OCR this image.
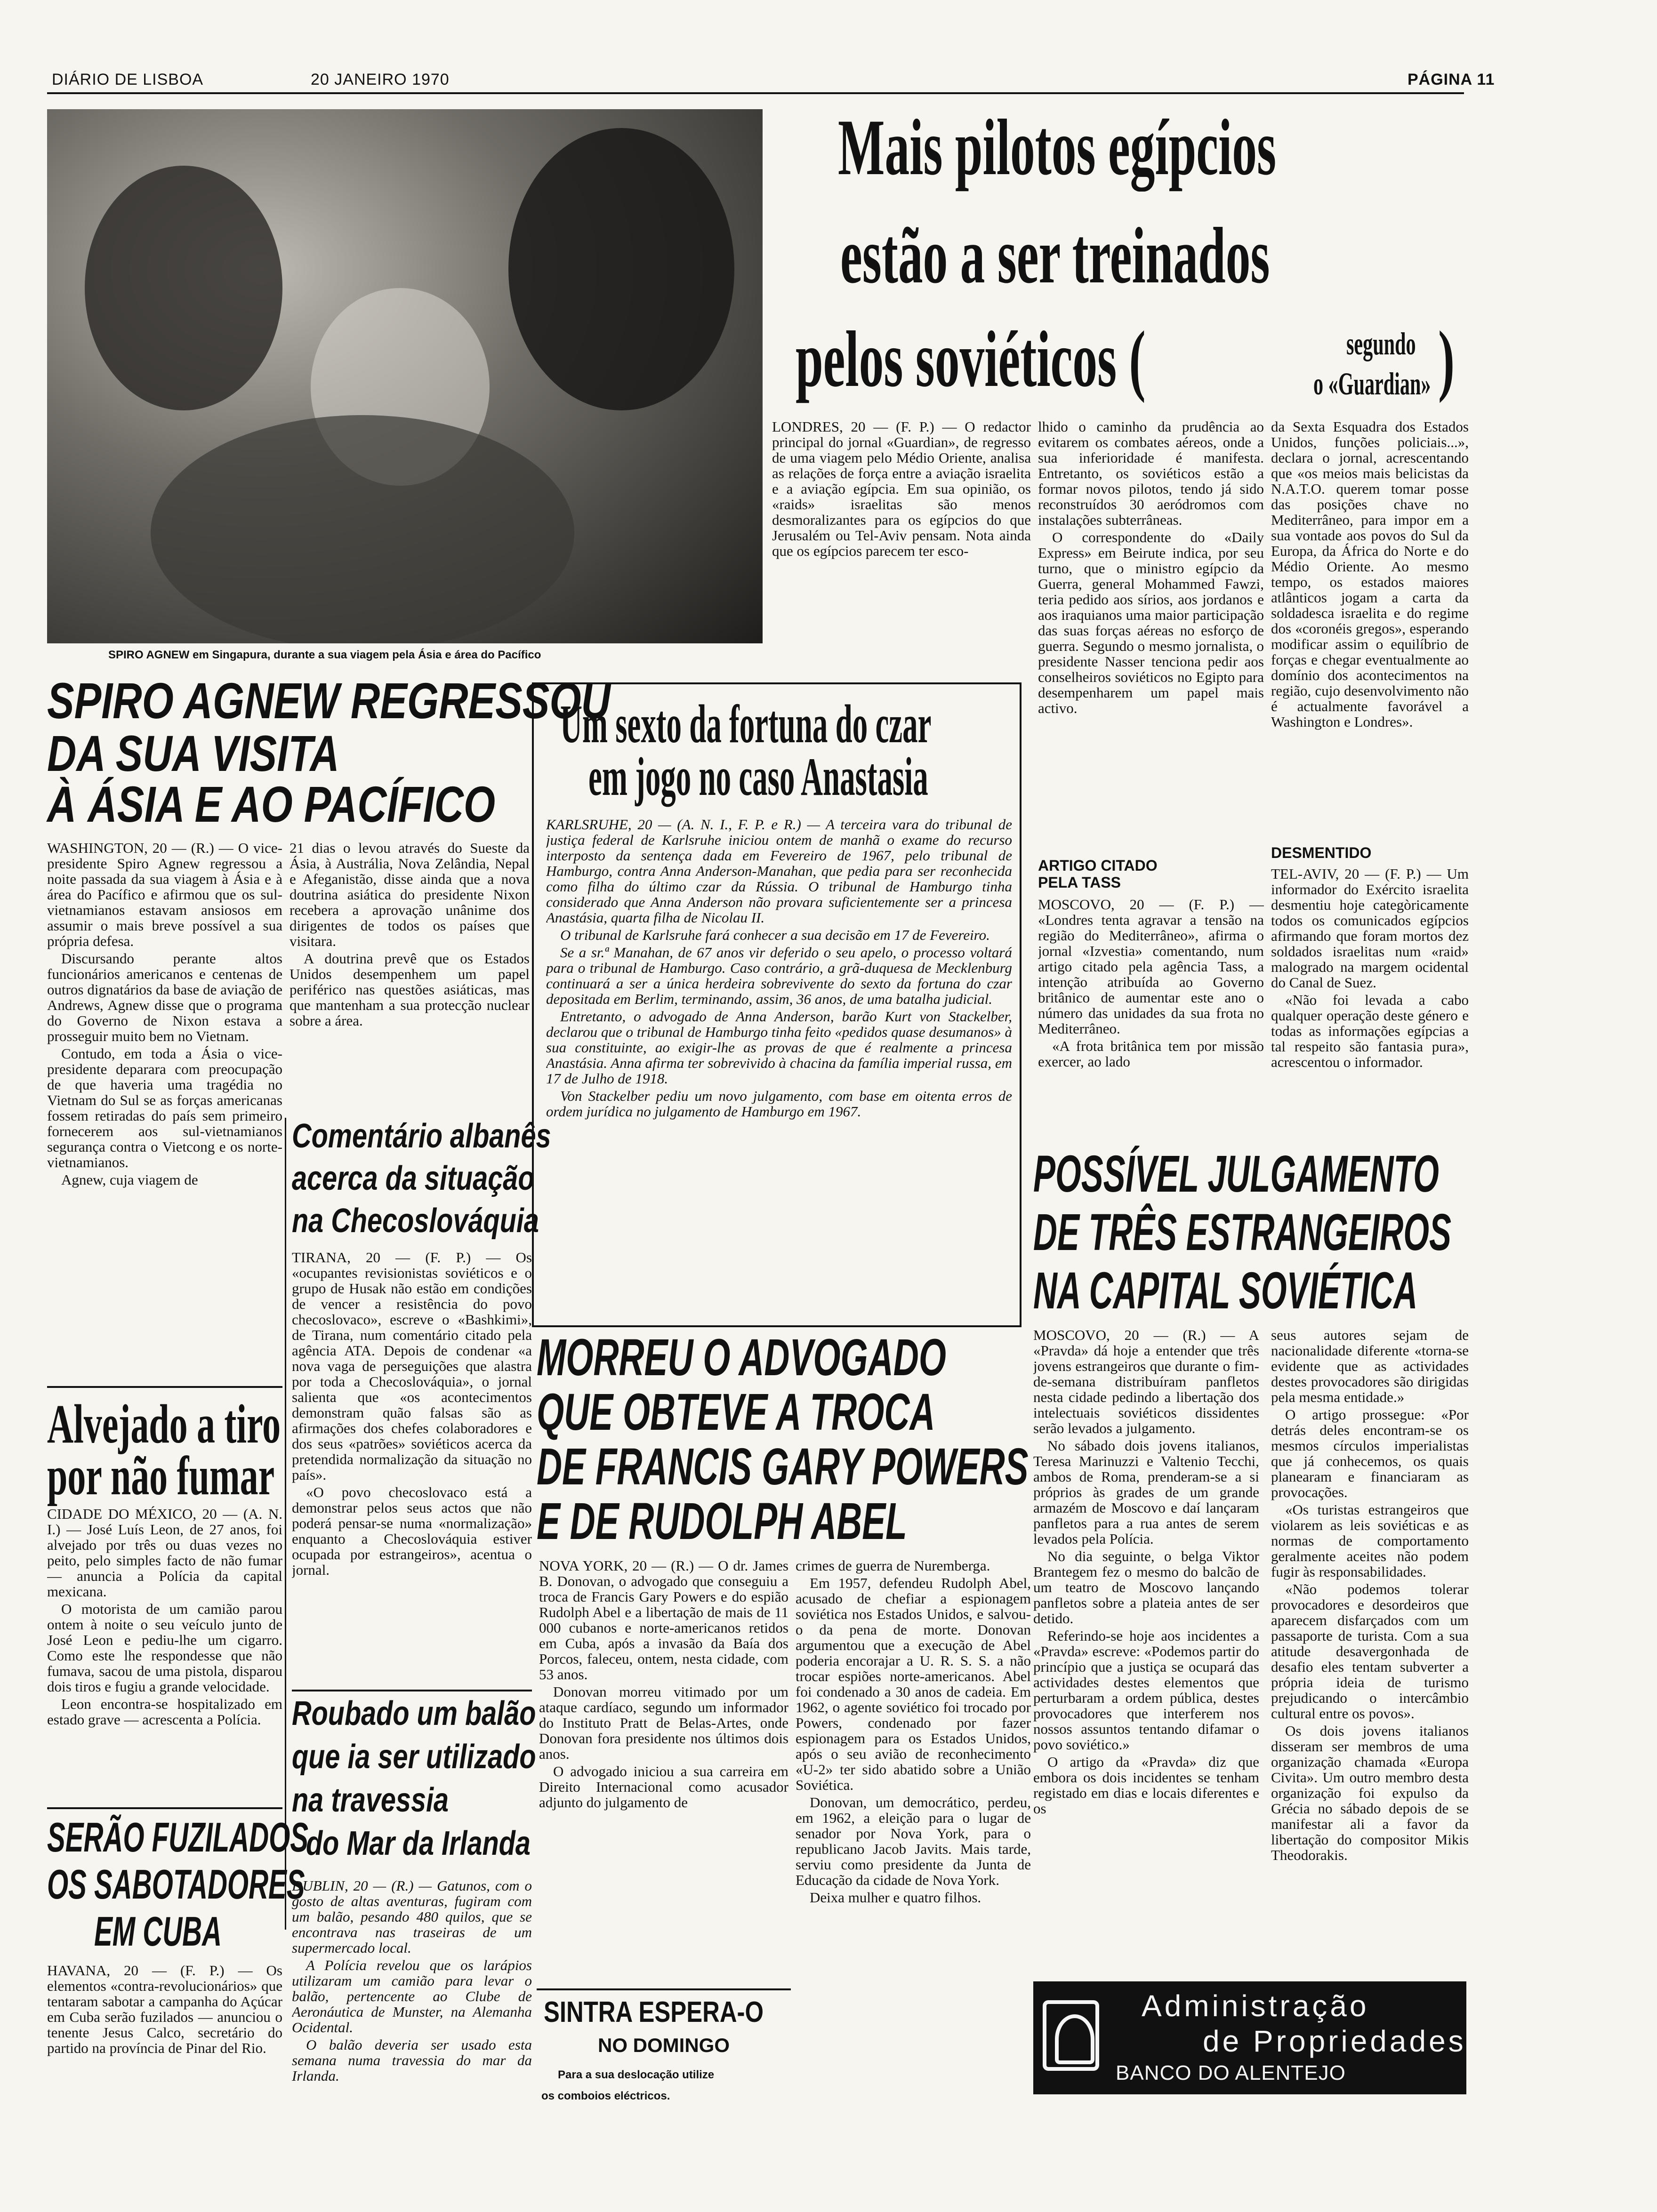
DIÁRIO DE LISBOA	20 JANEIRO 1970	PÁGINA 11
SPIRO AGNEW em Singapura, durante a sua viagem pela Ásia e área do Pacífico
Mais pilotos egípcios
estão a ser treinados
pelos soviéticos (	segundo
o «Guardian» )

LONDRES, 20 — (F. P.) — O redactor principal do jornal «Guardian», de regresso de uma viagem pelo Médio Oriente, analisa as relações de força entre a aviação israelita e a aviação egípcia. Em sua opinião, os «raids» israelitas são menos desmoralizantes para os egípcios do que Jerusalém ou Tel-Aviv pensam. Nota ainda que os egípcios parecem ter esco-

lhido o caminho da prudência ao evitarem os combates aéreos, onde a sua inferioridade é manifesta. Entretanto, os soviéticos estão a formar novos pilotos, tendo já sido reconstruídos 30 aeródromos com instalações subterrâneas.

O correspondente do «Daily Express» em Beirute indica, por seu turno, que o ministro egípcio da Guerra, general Mohammed Fawzi, teria pedido aos sírios, aos jordanos e aos iraquianos uma maior participação das suas forças aéreas no esforço de guerra. Segundo o mesmo jornalista, o presidente Nasser tenciona pedir aos conselheiros soviéticos no Egipto para desempenharem um papel mais activo.

da Sexta Esquadra dos Estados Unidos, funções policiais...», declara o jornal, acrescentando que «os meios mais belicistas da N.A.T.O. querem tomar posse das posições chave no Mediterrâneo, para impor em a sua vontade aos povos do Sul da Europa, da África do Norte e do Médio Oriente. Ao mesmo tempo, os estados maiores atlânticos jogam a carta da soldadesca israelita e do regime dos «coronéis gregos», esperando modificar assim o equilíbrio de forças e chegar eventualmente ao domínio dos acontecimentos na região, cujo desenvolvimento não é actualmente favorável a Washington e Londres».

ARTIGO CITADO
PELA TASS

MOSCOVO, 20 — (F. P.) — «Londres tenta agravar a tensão na região do Mediterrâneo», afirma o jornal «Izvestia» comentando, num artigo citado pela agência Tass, a intenção atribuída ao Governo britânico de aumentar este ano o número das unidades da sua frota no Mediterrâneo.

«A frota britânica tem por missão exercer, ao lado

DESMENTIDO

TEL-AVIV, 20 — (F. P.) — Um informador do Exército israelita desmentiu hoje categòricamente todos os comunicados egípcios afirmando que foram mortos dez soldados israelitas num «raid» malogrado na margem ocidental do Canal de Suez.

«Não foi levada a cabo qualquer operação deste género e todas as informações egípcias a tal respeito são fantasia pura», acrescentou o informador.

SPIRO AGNEW REGRESSOU
DA SUA VISITA
À ÁSIA E AO PACÍFICO

WASHINGTON, 20 — (R.) — O vice-presidente Spiro Agnew regressou a noite passada da sua viagem à Ásia e à área do Pacífico e afirmou que os sul-vietnamianos estavam ansiosos em assumir o mais breve possível a sua própria defesa.

Discursando perante altos funcionários americanos e centenas de outros dignatários da base de aviação de Andrews, Agnew disse que o programa do Governo de Nixon estava a prosseguir muito bem no Vietnam.

Contudo, em toda a Ásia o vice-presidente deparara com preocupação de que haveria uma tragédia no Vietnam do Sul se as forças americanas fossem retiradas do país sem primeiro fornecerem aos sul-vietnamianos segurança contra o Vietcong e os norte-vietnamianos.

Agnew, cuja viagem de

21 dias o levou através do Sueste da Ásia, à Austrália, Nova Zelândia, Nepal e Afeganistão, disse ainda que a nova doutrina asiática do presidente Nixon recebera a aprovação unânime dos dirigentes de todos os países que visitara.

A doutrina prevê que os Estados Unidos desempenhem um papel periférico nas questões asiáticas, mas que mantenham a sua protecção nuclear sobre a área.

Comentário albanês
acerca da situação
na Checoslováquia

TIRANA, 20 — (F. P.) — Os «ocupantes revisionistas soviéticos e o grupo de Husak não estão em condições de vencer a resistência do povo checoslovaco», escreve o «Bashkimi», de Tirana, num comentário citado pela agência ATA. Depois de condenar «a nova vaga de perseguições que alastra por toda a Checoslováquia», o jornal salienta que «os acontecimentos demonstram quão falsas são as afirmações dos chefes colaboradores e dos seus «patrões» soviéticos acerca da pretendida normalização da situação no país».

«O povo checoslovaco está a demonstrar pelos seus actos que não poderá pensar-se numa «normalização» enquanto a Checoslováquia estiver ocupada por estrangeiros», acentua o jornal.

Alvejado a tiro
por não fumar

CIDADE DO MÉXICO, 20 — (A. N. I.) — José Luís Leon, de 27 anos, foi alvejado por três ou duas vezes no peito, pelo simples facto de não fumar — anuncia a Polícia da capital mexicana.

O motorista de um camião parou ontem à noite o seu veículo junto de José Leon e pediu-lhe um cigarro. Como este lhe respondesse que não fumava, sacou de uma pistola, disparou dois tiros e fugiu a grande velocidade.

Leon encontra-se hospitalizado em estado grave — acrescenta a Polícia.

SERÃO FUZILADOS
OS SABOTADORES
EM CUBA

HAVANA, 20 — (F. P.) — Os elementos «contra-revolucionários» que tentaram sabotar a campanha do Açúcar em Cuba serão fuzilados — anunciou o tenente Jesus Calco, secretário do partido na província de Pinar del Rio.

Roubado um balão
que ia ser utilizado
na travessia
do Mar da Irlanda

DUBLIN, 20 — (R.) — Gatunos, com o gosto de altas aventuras, fugiram com um balão, pesando 480 quilos, que se encontrava nas traseiras de um supermercado local.

A Polícia revelou que os larápios utilizaram um camião para levar o balão, pertencente ao Clube de Aeronáutica de Munster, na Alemanha Ocidental.

O balão deveria ser usado esta semana numa travessia do mar da Irlanda.

Um sexto da fortuna do czar
em jogo no caso Anastasia

KARLSRUHE, 20 — (A. N. I., F. P. e R.) — A terceira vara do tribunal de justiça federal de Karlsruhe iniciou ontem de manhã o exame do recurso interposto da sentença dada em Fevereiro de 1967, pelo tribunal de Hamburgo, contra Anna Anderson-Manahan, que pedia para ser reconhecida como filha do último czar da Rússia. O tribunal de Hamburgo tinha considerado que Anna Anderson não provara suficientemente ser a princesa Anastásia, quarta filha de Nicolau II.

O tribunal de Karlsruhe fará conhecer a sua decisão em 17 de Fevereiro.

Se a sr.ª Manahan, de 67 anos vir deferido o seu apelo, o processo voltará para o tribunal de Hamburgo. Caso contrário, a grã-duquesa de Mecklenburg continuará a ser a única herdeira sobrevivente do sexto da fortuna do czar depositada em Berlim, terminando, assim, 36 anos, de uma batalha judicial.

Entretanto, o advogado de Anna Anderson, barão Kurt von Stackelber, declarou que o tribunal de Hamburgo tinha feito «pedidos quase desumanos» à sua constituinte, ao exigir-lhe as provas de que é realmente a princesa Anastásia. Anna afirma ter sobrevivido à chacina da família imperial russa, em 17 de Julho de 1918.

Von Stackelber pediu um novo julgamento, com base em oitenta erros de ordem jurídica no julgamento de Hamburgo em 1967.

MORREU O ADVOGADO
QUE OBTEVE A TROCA
DE FRANCIS GARY POWERS
E DE RUDOLPH ABEL

NOVA YORK, 20 — (R.) — O dr. James B. Donovan, o advogado que conseguiu a troca de Francis Gary Powers e do espião Rudolph Abel e a libertação de mais de 11 000 cubanos e norte-americanos retidos em Cuba, após a invasão da Baía dos Porcos, faleceu, ontem, nesta cidade, com 53 anos.

Donovan morreu vitimado por um ataque cardíaco, segundo um informador do Instituto Pratt de Belas-Artes, onde Donovan fora presidente nos últimos dois anos.

O advogado iniciou a sua carreira em Direito Internacional como acusador adjunto do julgamento de

crimes de guerra de Nuremberga.

Em 1957, defendeu Rudolph Abel, acusado de chefiar a espionagem soviética nos Estados Unidos, e salvou-o da pena de morte. Donovan argumentou que a execução de Abel poderia encorajar a U. R. S. S. a não trocar espiões norte-americanos. Abel foi condenado a 30 anos de cadeia. Em 1962, o agente soviético foi trocado por Powers, condenado por fazer espionagem para os Estados Unidos, após o seu avião de reconhecimento «U-2» ter sido abatido sobre a União Soviética.

Donovan, um democrático, perdeu, em 1962, a eleição para o lugar de senador por Nova York, para o republicano Jacob Javits. Mais tarde, serviu como presidente da Junta de Educação da cidade de Nova York.

Deixa mulher e quatro filhos.

SINTRA ESPERA-O
NO DOMINGO
Para a sua deslocação utilize
os comboios eléctricos.
POSSÍVEL JULGAMENTO
DE TRÊS ESTRANGEIROS
NA CAPITAL SOVIÉTICA

MOSCOVO, 20 — (R.) — A «Pravda» dá hoje a entender que três jovens estrangeiros que durante o fim-de-semana distribuíram panfletos nesta cidade pedindo a libertação dos intelectuais soviéticos dissidentes serão levados a julgamento.

No sábado dois jovens italianos, Teresa Marinuzzi e Valtenio Tecchi, ambos de Roma, prenderam-se a si próprios às grades de um grande armazém de Moscovo e daí lançaram panfletos para a rua antes de serem levados pela Polícia.

No dia seguinte, o belga Viktor Brantegem fez o mesmo do balcão de um teatro de Moscovo lançando panfletos sobre a plateia antes de ser detido.

Referindo-se hoje aos incidentes a «Pravda» escreve: «Podemos partir do princípio que a justiça se ocupará das actividades destes elementos que perturbaram a ordem pública, destes provocadores que interferem nos nossos assuntos tentando difamar o povo soviético.»

O artigo da «Pravda» diz que embora os dois incidentes se tenham registado em dias e locais diferentes e os

seus autores sejam de nacionalidade diferente «torna-se evidente que as actividades destes provocadores são dirigidas pela mesma entidade.»

O artigo prossegue: «Por detrás deles encontram-se os mesmos círculos imperialistas que já conhecemos, os quais planearam e financiaram as provocações.

«Os turistas estrangeiros que violarem as leis soviéticas e as normas de comportamento geralmente aceites não podem fugir às responsabilidades.

«Não podemos tolerar provocadores e desordeiros que aparecem disfarçados com um passaporte de turista. Com a sua atitude desavergonhada de desafio eles tentam subverter a própria ideia de turismo prejudicando o intercâmbio cultural entre os povos».

Os dois jovens italianos disseram ser membros de uma organização chamada «Europa Civita». Um outro membro desta organização foi expulso da Grécia no sábado depois de se manifestar ali a favor da libertação do compositor Mikis Theodorakis.

Administração
de Propriedades
BANCO DO ALENTEJO
